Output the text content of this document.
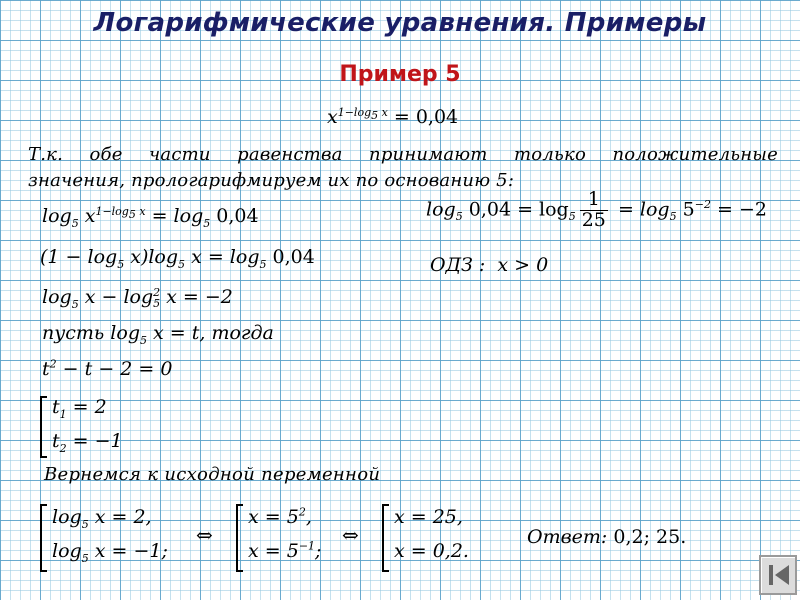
Логарифмические уравнения. Примеры
Пример 5
$x^{1-log_5 x} = 0,04$
Т.к. обе части равенства принимают только положительные
значения, прологарифмируем их по основанию 5:
$\log_5 x^{1-log_5 x} = \log_5 0,04$
$(1 - \log_5 x)\log_5$ $x = \log_5 0,04$
$\log_5 x - \log 2$
5 x = −2
пусть $\log_5 x = t$, тогда
$t^2 - t - 2 = 0$
$t_1 = 2$
$t_2 = -1$
$\log_5 0,04 = \log_5 \frac{1}{25} = \log_5 5^{-2} = -2$
ОДЗ : x > 0
Вернемся к исходной переменной
$\log_5 x = 2$,
$\log_5 x = -1$;
⇔
$x = 5^2$,
$x = 5^{-1}$;
⇔
x = 25,
x = 0,2.
Ответ: 0,2; 25.
